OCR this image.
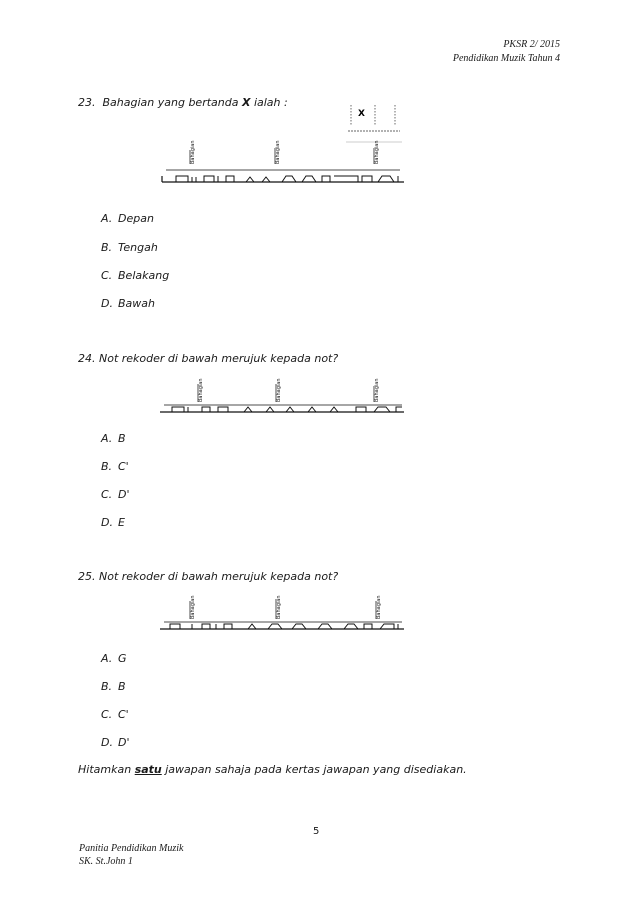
PKSR 2/ 2015
Pendidikan Muzik Tahun 4
23. Bahagian yang bertanda X ialah :
X
Bahagian	Bahagian	Bahagian
A. Depan
B. Tengah
C. Belakang
D. Bawah
24. Not rekoder di bawah merujuk kepada not?
Bahagian	Bahagian	Bahagian
A. B
B. C'
C. D'
D. E
25. Not rekoder di bawah merujuk kepada not?
Bahagian	Bahagian	Bahagian
A. G
B. B
C. C'
D. D'
Hitamkan satu jawapan sahaja pada kertas jawapan yang disediakan.
5
Panitia Pendidikan Muzik
SK. St.John 1
